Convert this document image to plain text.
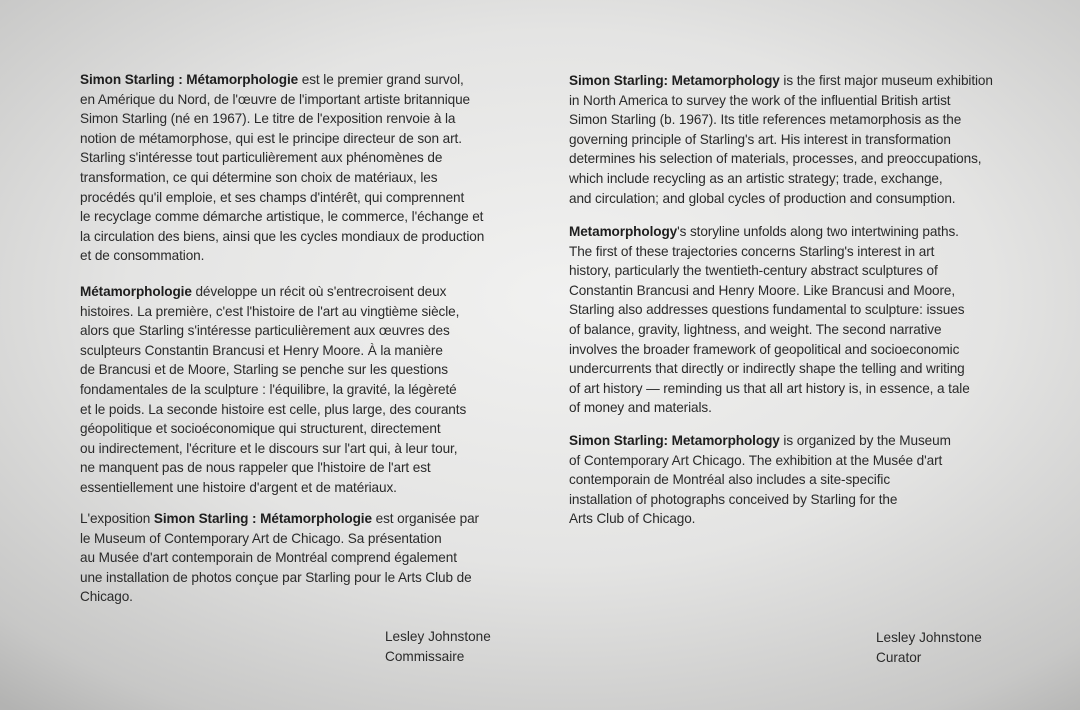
Simon Starling : Métamorphologie est le premier grand survol,
en Amérique du Nord, de l'œuvre de l'important artiste britannique
Simon Starling (né en 1967). Le titre de l'exposition renvoie à la
notion de métamorphose, qui est le principe directeur de son art.
Starling s'intéresse tout particulièrement aux phénomènes de
transformation, ce qui détermine son choix de matériaux, les
procédés qu'il emploie, et ses champs d'intérêt, qui comprennent
le recyclage comme démarche artistique, le commerce, l'échange et
la circulation des biens, ainsi que les cycles mondiaux de production
et de consommation.

Métamorphologie développe un récit où s'entrecroisent deux
histoires. La première, c'est l'histoire de l'art au vingtième siècle,
alors que Starling s'intéresse particulièrement aux œuvres des
sculpteurs Constantin Brancusi et Henry Moore. À la manière
de Brancusi et de Moore, Starling se penche sur les questions
fondamentales de la sculpture : l'équilibre, la gravité, la légèreté
et le poids. La seconde histoire est celle, plus large, des courants
géopolitique et socioéconomique qui structurent, directement
ou indirectement, l'écriture et le discours sur l'art qui, à leur tour,
ne manquent pas de nous rappeler que l'histoire de l'art est
essentiellement une histoire d'argent et de matériaux.

L'exposition Simon Starling : Métamorphologie est organisée par
le Museum of Contemporary Art de Chicago. Sa présentation
au Musée d'art contemporain de Montréal comprend également
une installation de photos conçue par Starling pour le Arts Club de
Chicago.

Simon Starling: Metamorphology is the first major museum exhibition
in North America to survey the work of the influential British artist
Simon Starling (b. 1967). Its title references metamorphosis as the
governing principle of Starling's art. His interest in transformation
determines his selection of materials, processes, and preoccupations,
which include recycling as an artistic strategy; trade, exchange,
and circulation; and global cycles of production and consumption.

Metamorphology's storyline unfolds along two intertwining paths.
The first of these trajectories concerns Starling's interest in art
history, particularly the twentieth-century abstract sculptures of
Constantin Brancusi and Henry Moore. Like Brancusi and Moore,
Starling also addresses questions fundamental to sculpture: issues
of balance, gravity, lightness, and weight. The second narrative
involves the broader framework of geopolitical and socioeconomic
undercurrents that directly or indirectly shape the telling and writing
of art history — reminding us that all art history is, in essence, a tale
of money and materials.

Simon Starling: Metamorphology is organized by the Museum
of Contemporary Art Chicago. The exhibition at the Musée d'art
contemporain de Montréal also includes a site-specific
installation of photographs conceived by Starling for the
Arts Club of Chicago.

Lesley Johnstone
Commissaire
Lesley Johnstone
Curator
